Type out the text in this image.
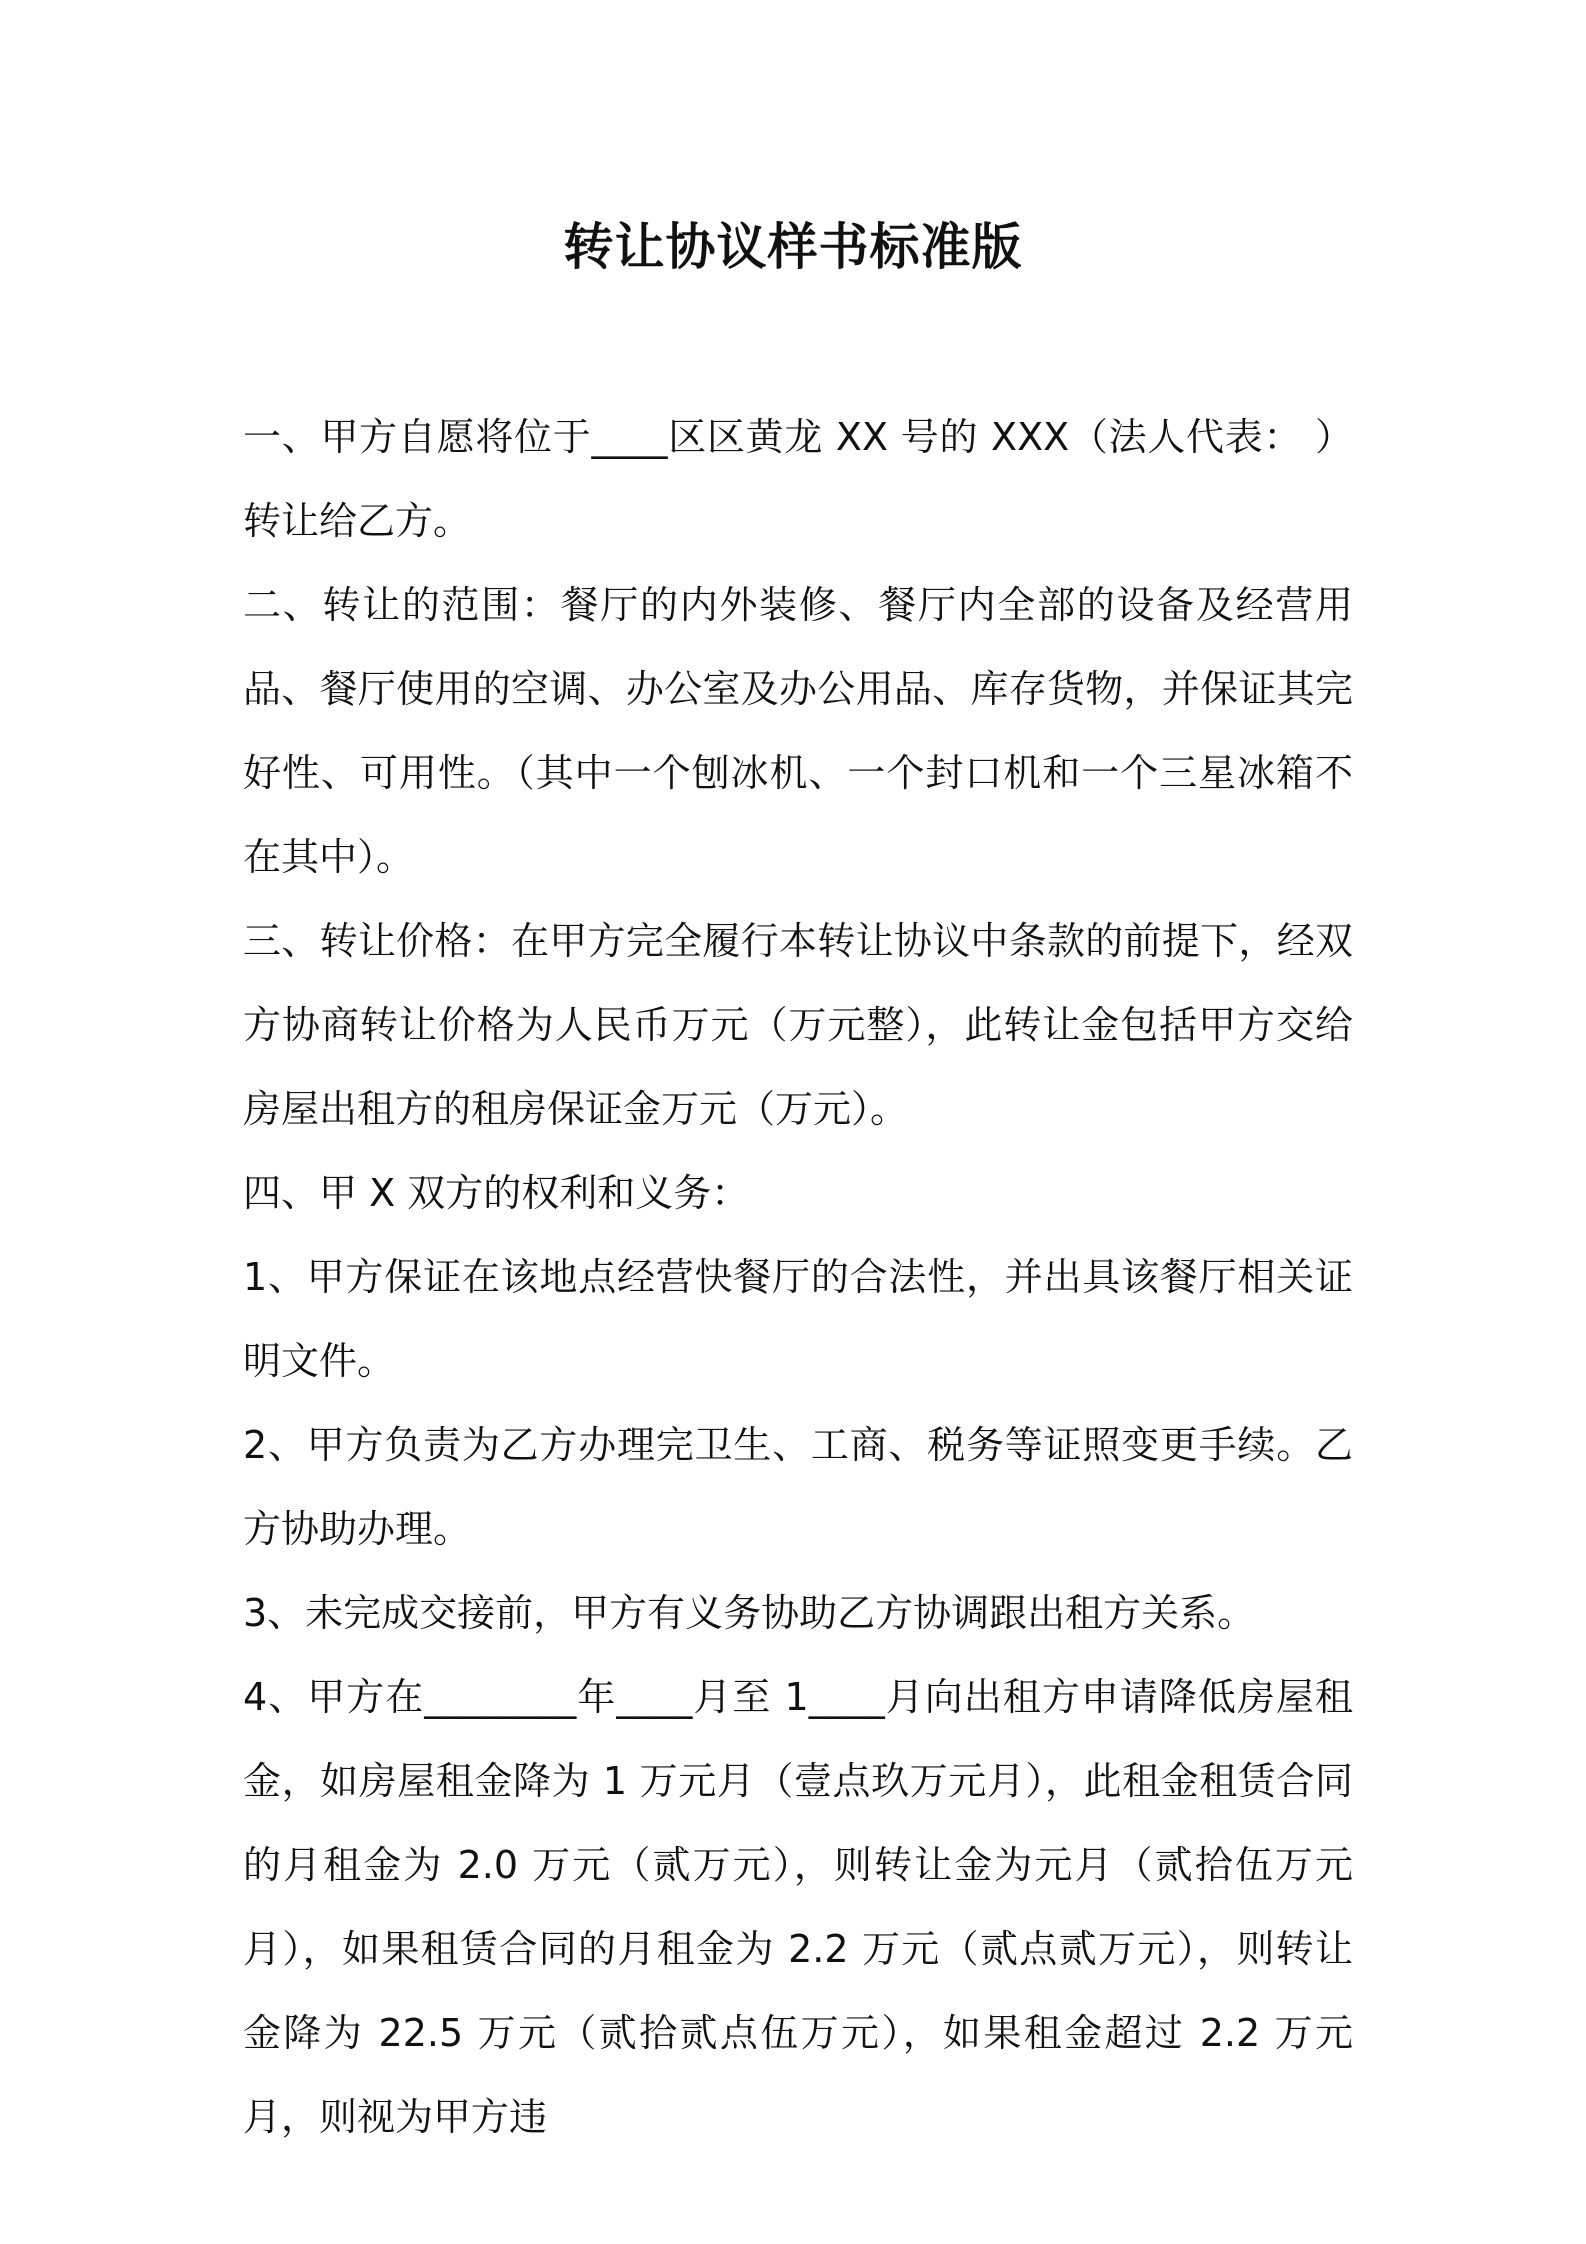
转让协议样书标准版

一、甲方自愿将位于____区区黄龙 XX 号的 XXX（法人代表： ）转让给乙方。

二、转让的范围：餐厅的内外装修、餐厅内全部的设备及经营用品、餐厅使用的空调、办公室及办公用品、库存货物，并保证其完好性、可用性。（其中一个刨冰机、一个封口机和一个三星冰箱不在其中）。

三、转让价格：在甲方完全履行本转让协议中条款的前提下，经双方协商转让价格为人民币万元（万元整），此转让金包括甲方交给房屋出租方的租房保证金万元（万元）。

四、甲 X 双方的权利和义务：

1、甲方保证在该地点经营快餐厅的合法性，并出具该餐厅相关证明文件。

2、甲方负责为乙方办理完卫生、工商、税务等证照变更手续。乙方协助办理。

3、未完成交接前，甲方有义务协助乙方协调跟出租方关系。

4、甲方在________年____月至 1____月向出租方申请降低房屋租金，如房屋租金降为 1 万元月（壹点玖万元月），此租金租赁合同的月租金为 2.0 万元（贰万元），则转让金为元月（贰拾伍万元月），如果租赁合同的月租金为 2.2 万元（贰点贰万元），则转让金降为 22.5 万元（贰拾贰点伍万元），如果租金超过 2.2 万元月，则视为甲方违
